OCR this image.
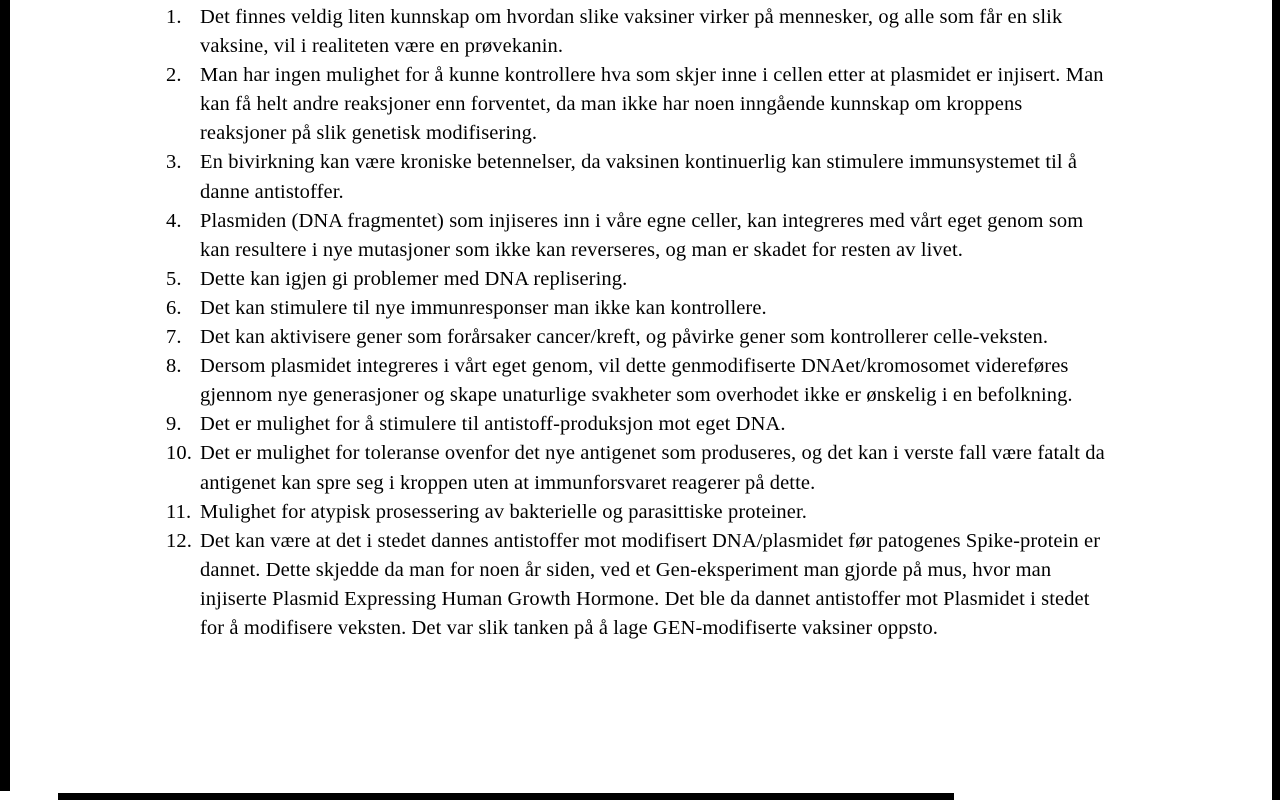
1. Det finnes veldig liten kunnskap om hvordan slike vaksiner virker på mennesker, og alle som får en slik vaksine, vil i realiteten være en prøvekanin.
2. Man har ingen mulighet for å kunne kontrollere hva som skjer inne i cellen etter at plasmidet er injisert. Man kan få helt andre reaksjoner enn forventet, da man ikke har noen inngående kunnskap om kroppens reaksjoner på slik genetisk modifisering.
3. En bivirkning kan være kroniske betennelser, da vaksinen kontinuerlig kan stimulere immunsystemet til å danne antistoffer.
4. Plasmiden (DNA fragmentet) som injiseres inn i våre egne celler, kan integreres med vårt eget genom som kan resultere i nye mutasjoner som ikke kan reverseres, og man er skadet for resten av livet.
5. Dette kan igjen gi problemer med DNA replisering.
6. Det kan stimulere til nye immunresponser man ikke kan kontrollere.
7. Det kan aktivisere gener som forårsaker cancer/kreft, og påvirke gener som kontrollerer celle-veksten.
8. Dersom plasmidet integreres i vårt eget genom, vil dette genmodifiserte DNAet/kromosomet videreføres gjennom nye generasjoner og skape unaturlige svakheter som overhodet ikke er ønskelig i en befolkning.
9. Det er mulighet for å stimulere til antistoff-produksjon mot eget DNA.
10. Det er mulighet for toleranse ovenfor det nye antigenet som produseres, og det kan i verste fall være fatalt da antigenet kan spre seg i kroppen uten at immunforsvaret reagerer på dette.
11. Mulighet for atypisk prosessering av bakterielle og parasittiske proteiner.
12. Det kan være at det i stedet dannes antistoffer mot modifisert DNA/plasmidet før patogenes Spike-protein er dannet. Dette skjedde da man for noen år siden, ved et Gen-eksperiment man gjorde på mus, hvor man injiserte Plasmid Expressing Human Growth Hormone. Det ble da dannet antistoffer mot Plasmidet i stedet for å modifisere veksten. Det var slik tanken på å lage GEN-modifiserte vaksiner oppsto.
